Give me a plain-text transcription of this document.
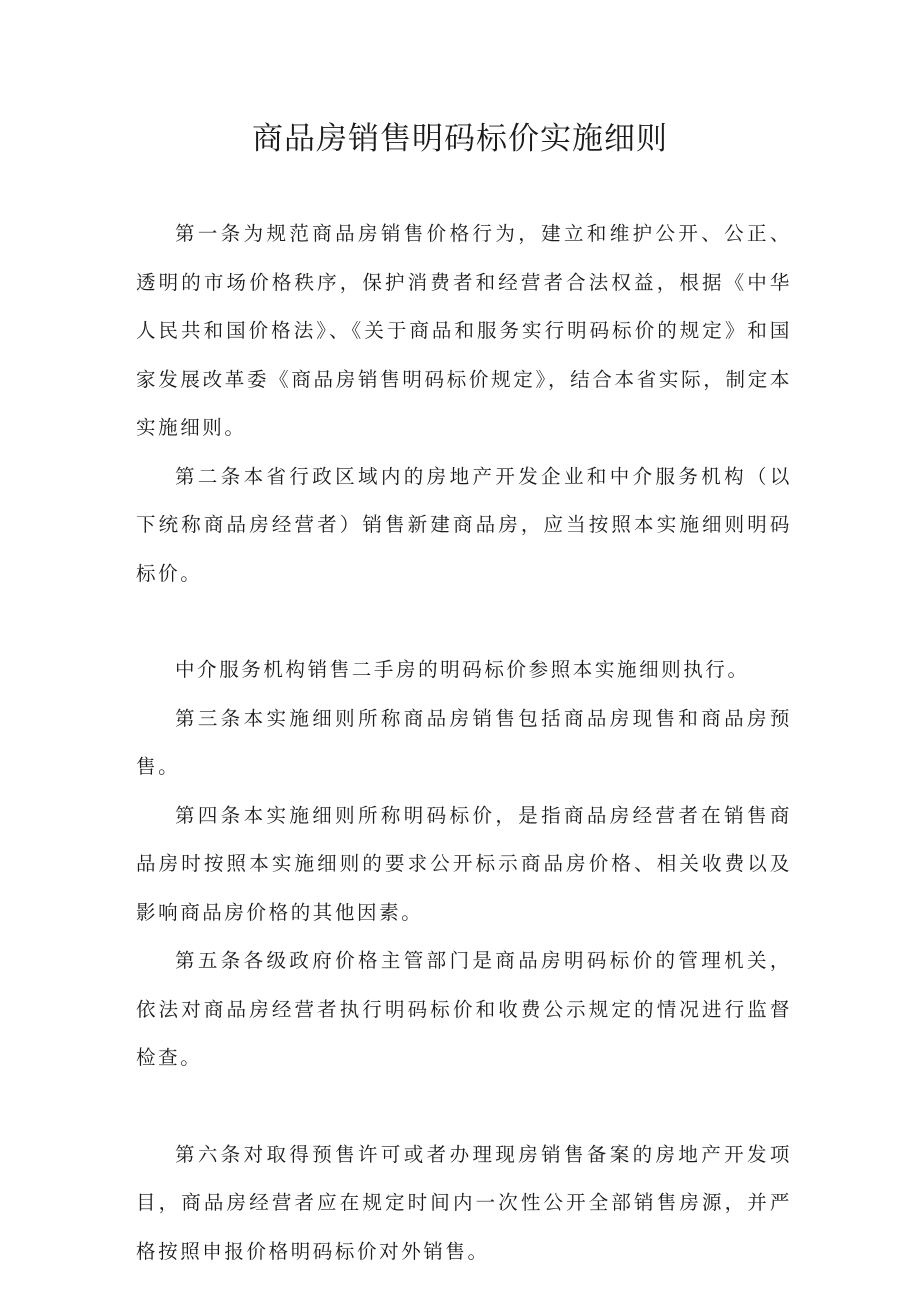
商品房销售明码标价实施细则

第一条为规范商品房销售价格行为，建立和维护公开、公正、透明的市场价格秩序，保护消费者和经营者合法权益，根据《中华人民共和国价格法》、《关于商品和服务实行明码标价的规定》和国家发展改革委《商品房销售明码标价规定》，结合本省实际，制定本实施细则。

第二条本省行政区域内的房地产开发企业和中介服务机构（以下统称商品房经营者）销售新建商品房，应当按照本实施细则明码标价。

中介服务机构销售二手房的明码标价参照本实施细则执行。

第三条本实施细则所称商品房销售包括商品房现售和商品房预售。

第四条本实施细则所称明码标价，是指商品房经营者在销售商品房时按照本实施细则的要求公开标示商品房价格、相关收费以及影响商品房价格的其他因素。

第五条各级政府价格主管部门是商品房明码标价的管理机关，依法对商品房经营者执行明码标价和收费公示规定的情况进行监督检查。

第六条对取得预售许可或者办理现房销售备案的房地产开发项目，商品房经营者应在规定时间内一次性公开全部销售房源，并严格按照申报价格明码标价对外销售。
